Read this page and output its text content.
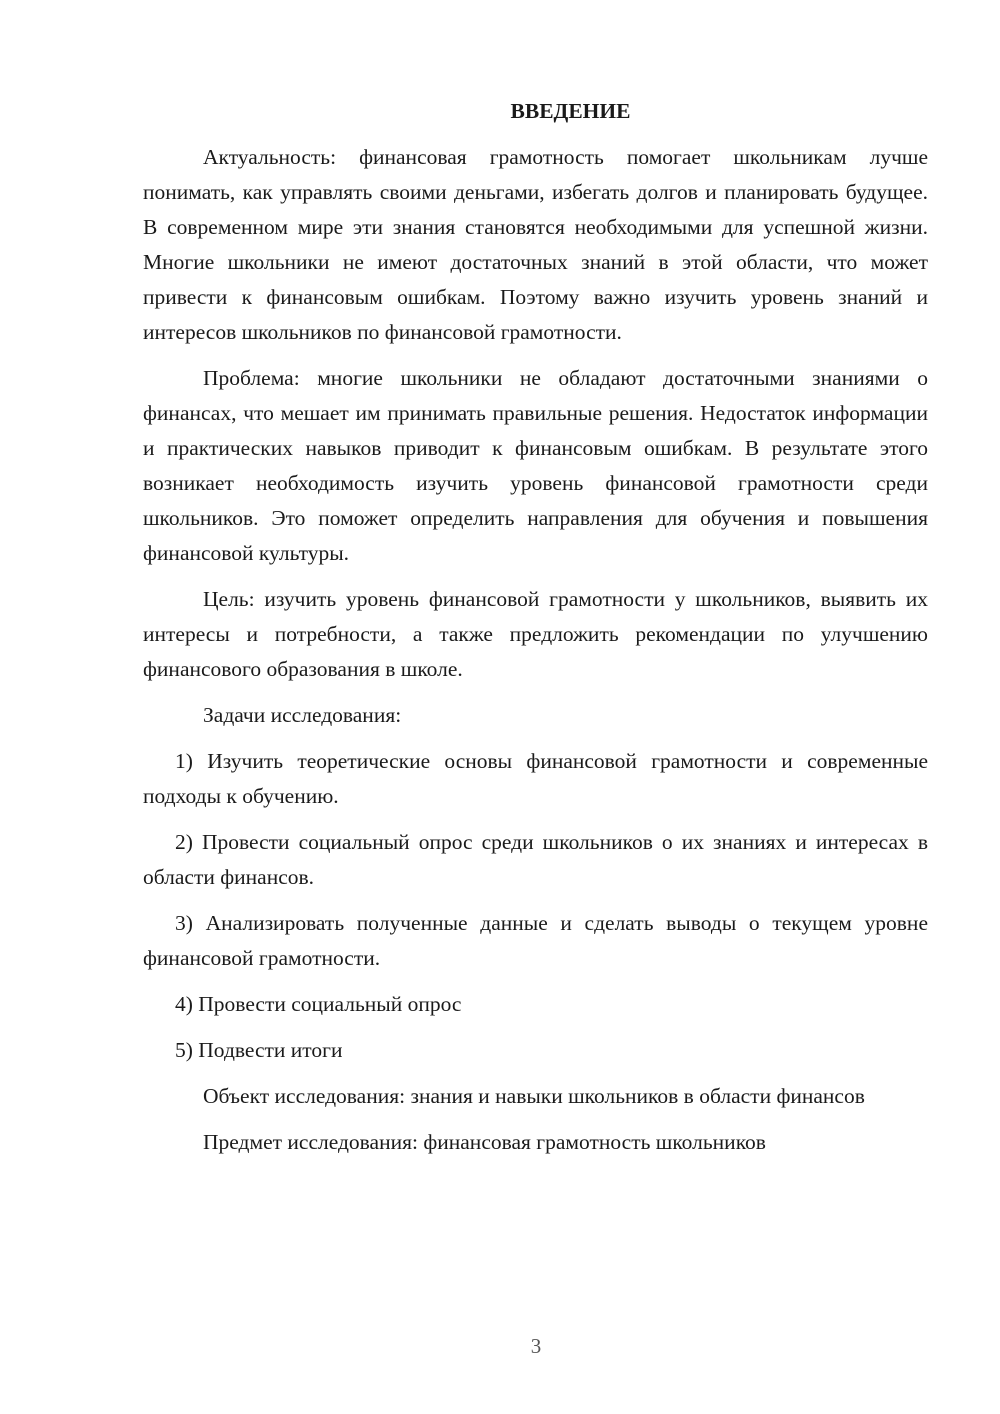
ВВЕДЕНИЕ

Актуальность: финансовая грамотность помогает школьникам лучше понимать, как управлять своими деньгами, избегать долгов и планировать будущее. В современном мире эти знания становятся необходимыми для успешной жизни. Многие школьники не имеют достаточных знаний в этой области, что может привести к финансовым ошибкам. Поэтому важно изучить уровень знаний и интересов школьников по финансовой грамотности.

Проблема: многие школьники не обладают достаточными знаниями о финансах, что мешает им принимать правильные решения. Недостаток информации и практических навыков приводит к финансовым ошибкам. В результате этого возникает необходимость изучить уровень финансовой грамотности среди школьников. Это поможет определить направления для обучения и повышения финансовой культуры.

Цель: изучить уровень финансовой грамотности у школьников, выявить их интересы и потребности, а также предложить рекомендации по улучшению финансового образования в школе.

Задачи исследования:

1) Изучить теоретические основы финансовой грамотности и современные подходы к обучению.

2) Провести социальный опрос среди школьников о их знаниях и интересах в области финансов.

3) Анализировать полученные данные и сделать выводы о текущем уровне финансовой грамотности.

4) Провести социальный опрос

5) Подвести итоги

Объект исследования: знания и навыки школьников в области финансов

Предмет исследования: финансовая грамотность школьников

3
